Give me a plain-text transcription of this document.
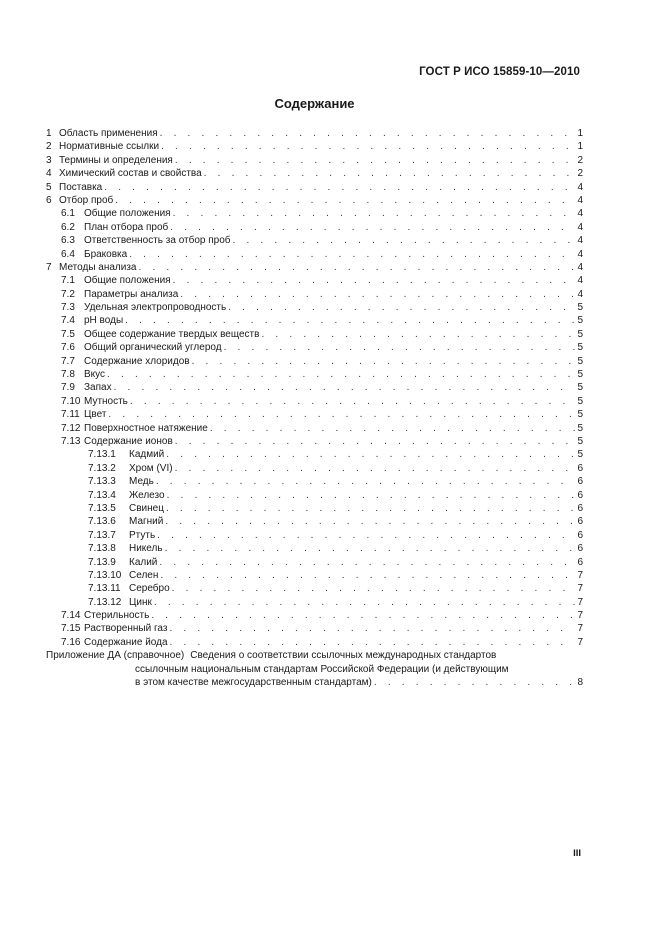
ГОСТ Р ИСО 15859-10—2010
Содержание
1 Область применения . . .	1
2 Нормативные ссылки . . .	1
3 Термины и определения . . .	2
4 Химический состав и свойства . . .	2
5 Поставка . . .	4
6 Отбор проб . . .	4
6.1 Общие положения . . .	4
6.2 План отбора проб . . .	4
6.3 Ответственность за отбор проб . . .	4
6.4 Браковка . . .	4
7 Методы анализа . . .	4
7.1 Общие положения . . .	4
7.2 Параметры анализа . . .	4
7.3 Удельная электропроводность . . .	5
7.4 pH воды . . .	5
7.5 Общее содержание твердых веществ . . .	5
7.6 Общий органический углерод . . .	5
7.7 Содержание хлоридов . . .	5
7.8 Вкус . . .	5
7.9 Запах . . .	5
7.10 Мутность . . .	5
7.11 Цвет . . .	5
7.12 Поверхностное натяжение . . .	5
7.13 Содержание ионов . . .	5
7.13.1	Кадмий . . .	5
7.13.2	Хром (VI) . . .	6
7.13.3	Медь . . .	6
7.13.4	Железо . . .	6
7.13.5	Свинец . . .	6
7.13.6	Магний . . .	6
7.13.7	Ртуть . . .	6
7.13.8	Никель . . .	6
7.13.9	Калий . . .	6
7.13.10 Селен . . .	7
7.13.11 Серебро . . .	7
7.13.12 Цинк . . .	7
7.14 Стерильность . . .	7
7.15 Растворенный газ . . .	7
7.16 Содержание йода . . .	7
Приложение ДА (справочное) Сведения о соответствии ссылочных международных стандартов
ссылочным национальным стандартам Российской Федерации (и действующим
в этом качестве межгосударственным стандартам) . . .	8
III
